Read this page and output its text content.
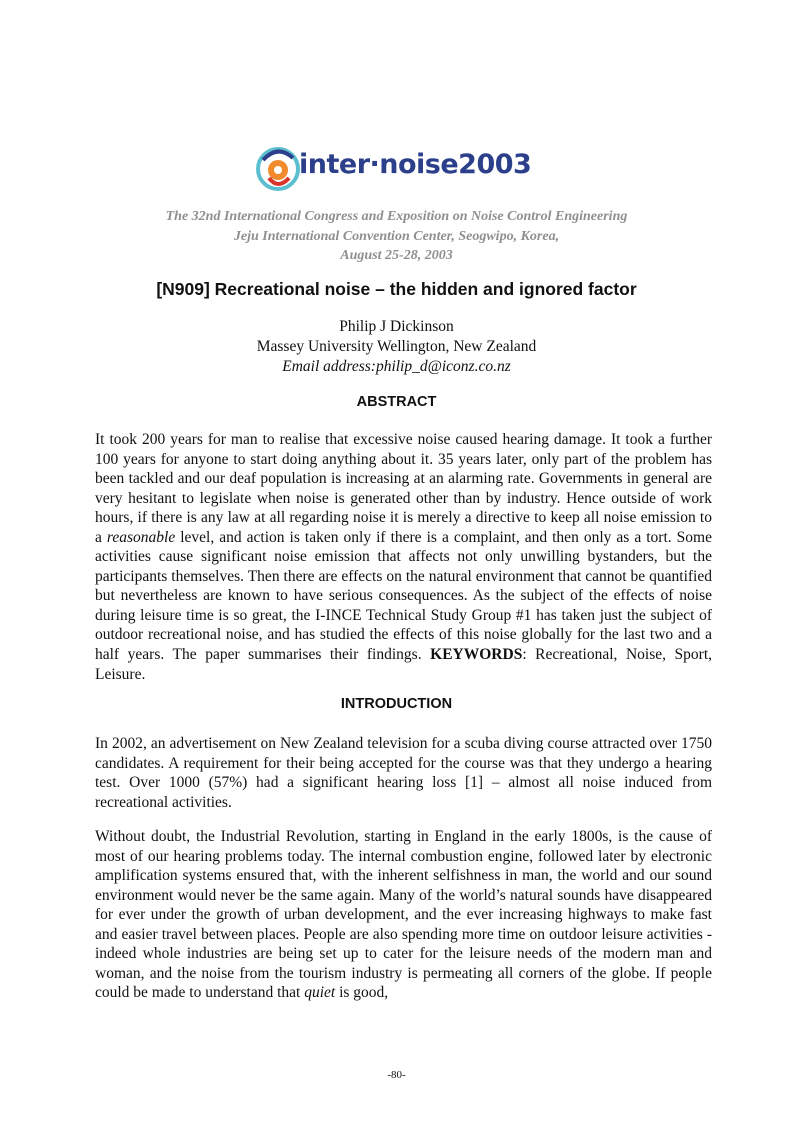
inter·noise2003
The 32nd International Congress and Exposition on Noise Control Engineering
Jeju International Convention Center, Seogwipo, Korea,
August 25-28, 2003
[N909] Recreational noise – the hidden and ignored factor
Philip J Dickinson
Massey University Wellington, New Zealand
Email address:philip_d@iconz.co.nz
ABSTRACT

It took 200 years for man to realise that excessive noise caused hearing damage. It took a further 100 years for anyone to start doing anything about it. 35 years later, only part of the problem has been tackled and our deaf population is increasing at an alarming rate. Governments in general are very hesitant to legislate when noise is generated other than by industry. Hence outside of work hours, if there is any law at all regarding noise it is merely a directive to keep all noise emission to a reasonable level, and action is taken only if there is a complaint, and then only as a tort. Some activities cause significant noise emission that affects not only unwilling bystanders, but the participants themselves. Then there are effects on the natural environment that cannot be quantified but nevertheless are known to have serious consequences. As the subject of the effects of noise during leisure time is so great, the I-INCE Technical Study Group #1 has taken just the subject of outdoor recreational noise, and has studied the effects of this noise globally for the last two and a half years. The paper summarises their findings. KEYWORDS: Recreational, Noise, Sport, Leisure.

INTRODUCTION

In 2002, an advertisement on New Zealand television for a scuba diving course attracted over 1750 candidates. A requirement for their being accepted for the course was that they undergo a hearing test. Over 1000 (57%) had a significant hearing loss [1] – almost all noise induced from recreational activities.

Without doubt, the Industrial Revolution, starting in England in the early 1800s, is the cause of most of our hearing problems today. The internal combustion engine, followed later by electronic amplification systems ensured that, with the inherent selfishness in man, the world and our sound environment would never be the same again. Many of the world’s natural sounds have disappeared for ever under the growth of urban development, and the ever increasing highways to make fast and easier travel between places. People are also spending more time on outdoor leisure activities - indeed whole industries are being set up to cater for the leisure needs of the modern man and woman, and the noise from the tourism industry is permeating all corners of the globe. If people could be made to understand that quiet is good,

-80-
